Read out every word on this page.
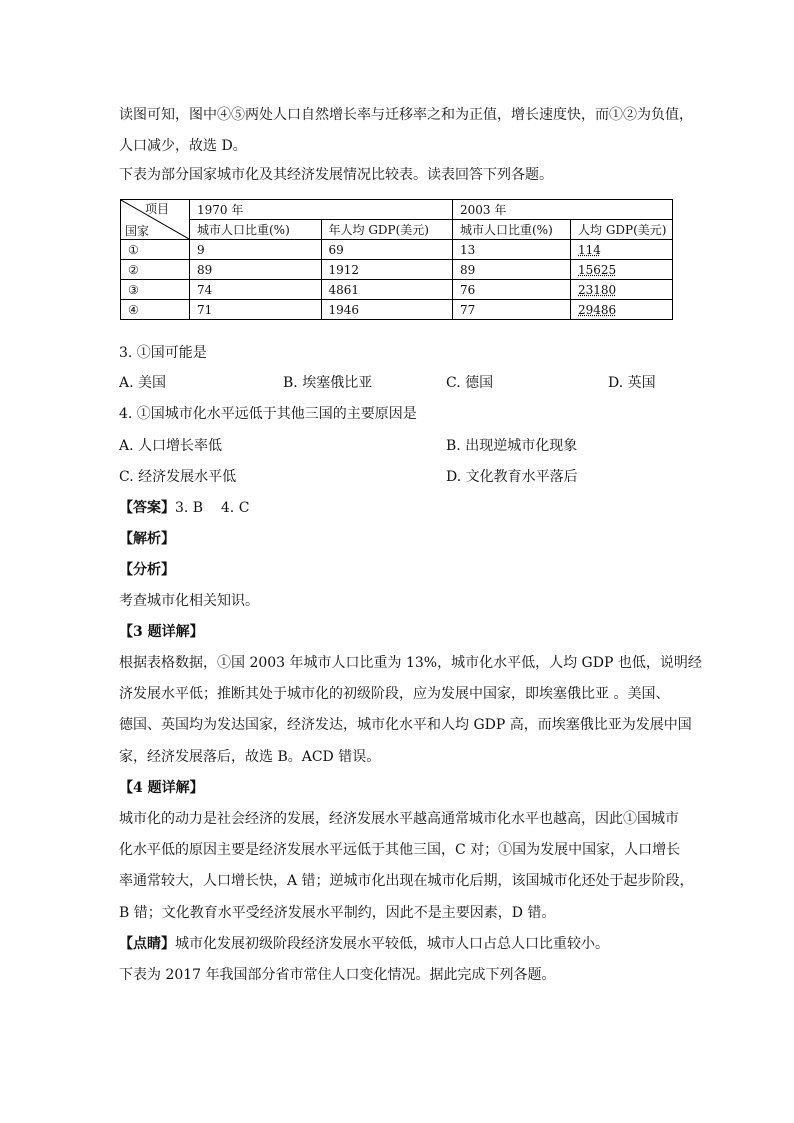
读图可知，图中④⑤两处人口自然增长率与迁移率之和为正值，增长速度快，而①②为负值，
人口减少，故选 D。
下表为部分国家城市化及其经济发展情况比较表。读表回答下列各题。
项目
国家	1970 年		2003 年	
	城市人口比重(%)	年人均 GDP(美元)	城市人口比重(%)	人均 GDP(美元)
①	9	69	13	114
②	89	1912	89	15625
③	74	4861	76	23180
④	71	1946	77	29486
3. ①国可能是
A. 美国	B. 埃塞俄比亚	C. 德国	D. 英国
4. ①国城市化水平远低于其他三国的主要原因是
A. 人口增长率低	B. 出现逆城市化现象
C. 经济发展水平低	D. 文化教育水平落后
【答案】3. B    4. C
【解析】
【分析】
考查城市化相关知识。
【3 题详解】
根据表格数据，①国 2003 年城市人口比重为 13%，城市化水平低，人均 GDP 也低，说明经
济发展水平低；推断其处于城市化的初级阶段，应为发展中国家，即埃塞俄比亚 。美国、
德国、英国均为发达国家，经济发达，城市化水平和人均 GDP 高，而埃塞俄比亚为发展中国
家，经济发展落后，故选 B。ACD 错误。
【4 题详解】
城市化的动力是社会经济的发展，经济发展水平越高通常城市化水平也越高，因此①国城市
化水平低的原因主要是经济发展水平远低于其他三国，C 对；①国为发展中国家，人口增长
率通常较大，人口增长快，A 错；逆城市化出现在城市化后期，该国城市化还处于起步阶段，
B 错；文化教育水平受经济发展水平制约，因此不是主要因素，D 错。
【点睛】城市化发展初级阶段经济发展水平较低，城市人口占总人口比重较小。
下表为 2017 年我国部分省市常住人口变化情况。据此完成下列各题。
